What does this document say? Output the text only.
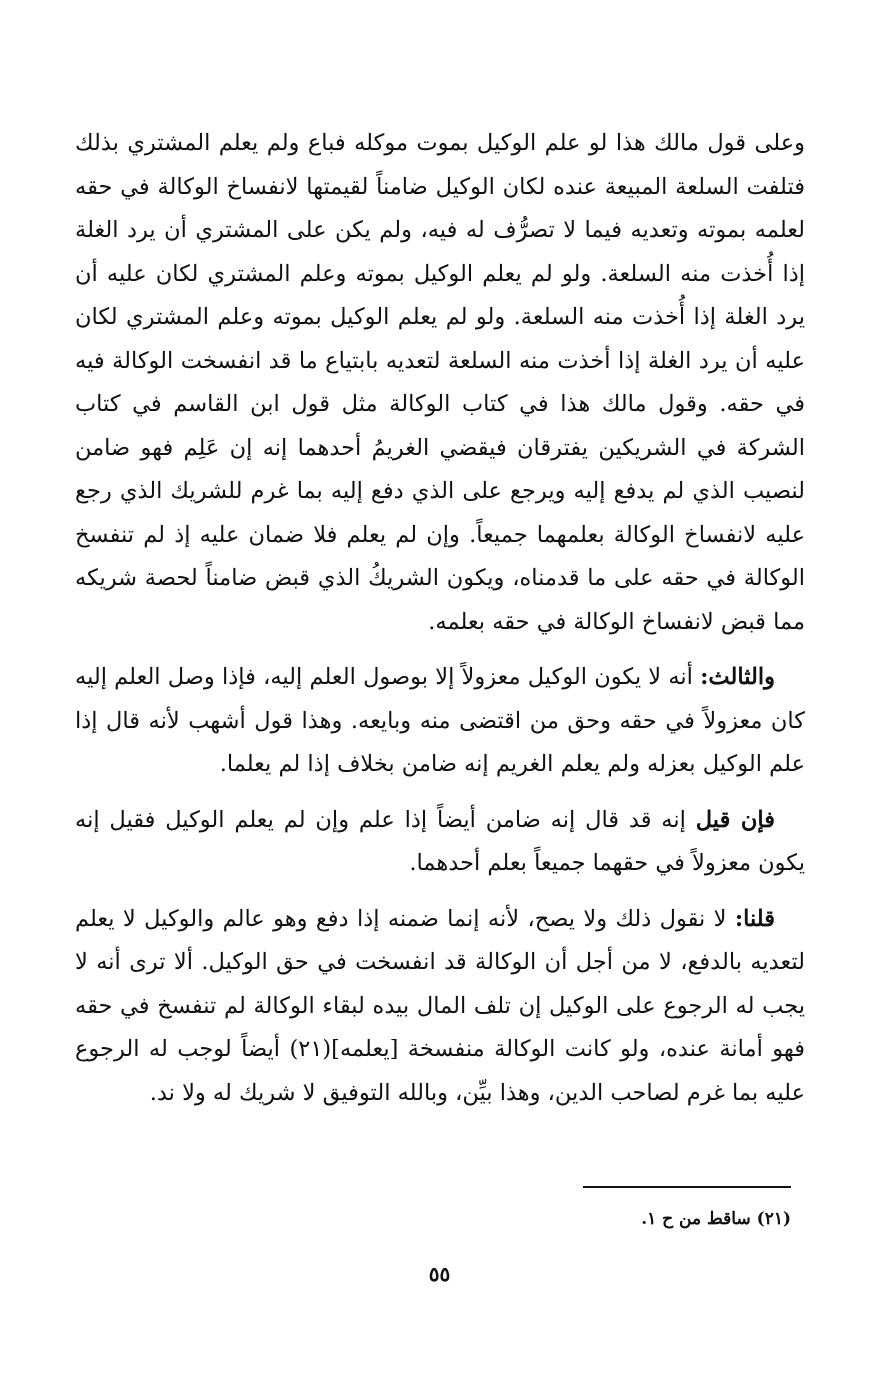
وعلى قول مالك هذا لو علم الوكيل بموت موكله فباع ولم يعلم المشتري بذلك فتلفت السلعة المبيعة عنده لكان الوكيل ضامناً لقيمتها لانفساخ الوكالة في حقه لعلمه بموته وتعديه فيما لا تصرُّف له فيه، ولم يكن على المشتري أن يرد الغلة إذا أُخذت منه السلعة. ولو لم يعلم الوكيل بموته وعلم المشتري لكان عليه أن يرد الغلة إذا أُخذت منه السلعة. ولو لم يعلم الوكيل بموته وعلم المشتري لكان عليه أن يرد الغلة إذا أخذت منه السلعة لتعديه بابتياع ما قد انفسخت الوكالة فيه في حقه. وقول مالك هذا في كتاب الوكالة مثل قول ابن القاسم في كتاب الشركة في الشريكين يفترقان فيقضي الغريمُ أحدهما إنه إن عَلِم فهو ضامن لنصيب الذي لم يدفع إليه ويرجع على الذي دفع إليه بما غرم للشريك الذي رجع عليه لانفساخ الوكالة بعلمهما جميعاً. وإن لم يعلم فلا ضمان عليه إذ لم تنفسخ الوكالة في حقه على ما قدمناه، ويكون الشريكُ الذي قبض ضامناً لحصة شريكه مما قبض لانفساخ الوكالة في حقه بعلمه.

والثالث: أنه لا يكون الوكيل معزولاً إلا بوصول العلم إليه، فإذا وصل العلم إليه كان معزولاً في حقه وحق من اقتضى منه وبايعه. وهذا قول أشهب لأنه قال إذا علم الوكيل بعزله ولم يعلم الغريم إنه ضامن بخلاف إذا لم يعلما.

فإن قيل إنه قد قال إنه ضامن أيضاً إذا علم وإن لم يعلم الوكيل فقيل إنه يكون معزولاً في حقهما جميعاً بعلم أحدهما.

قلنا: لا نقول ذلك ولا يصح، لأنه إنما ضمنه إذا دفع وهو عالم والوكيل لا يعلم لتعديه بالدفع، لا من أجل أن الوكالة قد انفسخت في حق الوكيل. ألا ترى أنه لا يجب له الرجوع على الوكيل إن تلف المال بيده لبقاء الوكالة لم تنفسخ في حقه فهو أمانة عنده، ولو كانت الوكالة منفسخة [يعلمه](٢١) أيضاً لوجب له الرجوع عليه بما غرم لصاحب الدين، وهذا بيِّن، وبالله التوفيق لا شريك له ولا ند.

(٢١) ساقط من ح ١.
٥٥
